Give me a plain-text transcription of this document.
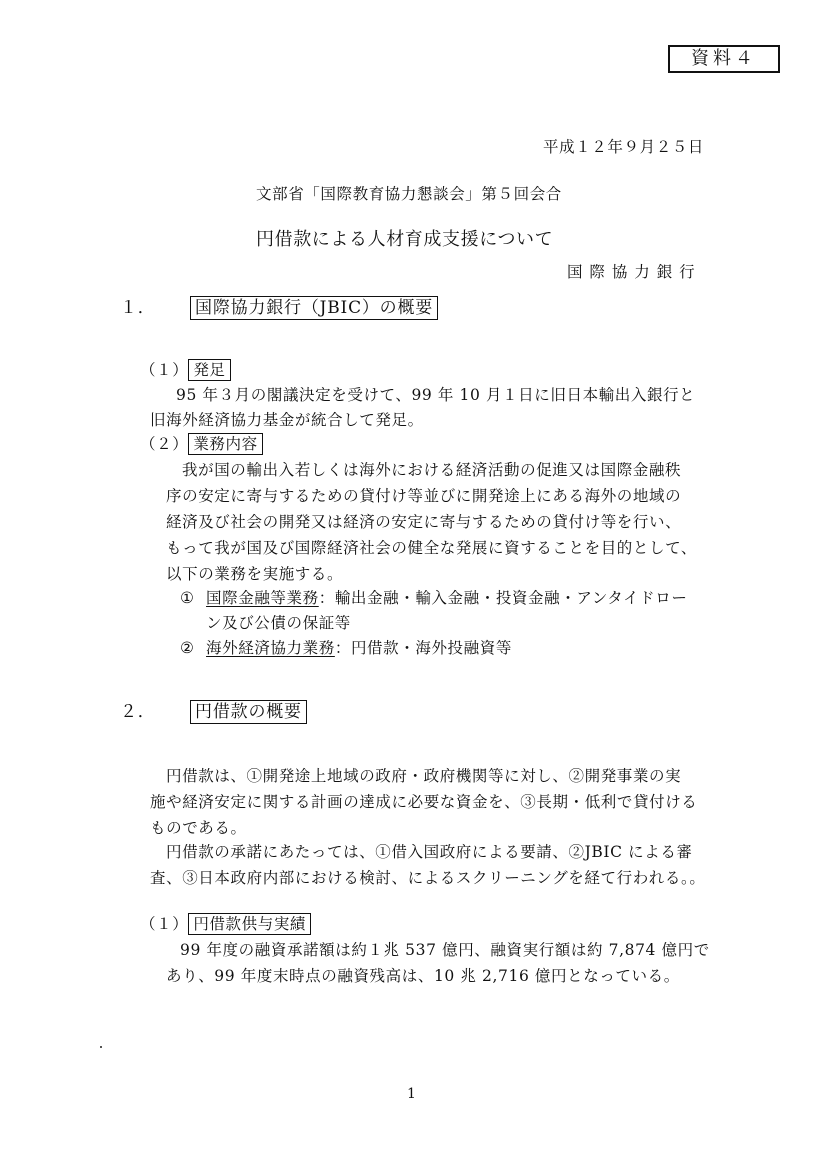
資料４
平成１２年９月２５日
文部省「国際教育協力懇談会」第５回会合
円借款による人材育成支援について
国 際 協 力 銀 行
１． 国際協力銀行（JBIC）の概要
（１） 発足
95 年３月の閣議決定を受けて、99 年 10 月１日に旧日本輸出入銀行と
旧海外経済協力基金が統合して発足。
（２） 業務内容
我が国の輸出入若しくは海外における経済活動の促進又は国際金融秩
序の安定に寄与するための貸付け等並びに開発途上にある海外の地域の
経済及び社会の開発又は経済の安定に寄与するための貸付け等を行い、
もって我が国及び国際経済社会の健全な発展に資することを目的として、
以下の業務を実施する。
① 国際金融等業務：輸出金融・輸入金融・投資金融・アンタイドロー
ン及び公債の保証等
② 海外経済協力業務：円借款・海外投融資等
２． 円借款の概要
円借款は、①開発途上地域の政府・政府機関等に対し、②開発事業の実
施や経済安定に関する計画の達成に必要な資金を、③長期・低利で貸付ける
ものである。
円借款の承諾にあたっては、①借入国政府による要請、②JBIC による審
査、③日本政府内部における検討、によるスクリーニングを経て行われる。。
（１） 円借款供与実績
99 年度の融資承諾額は約１兆 537 億円、融資実行額は約 7,874 億円で
あり、99 年度末時点の融資残高は、10 兆 2,716 億円となっている。
1
